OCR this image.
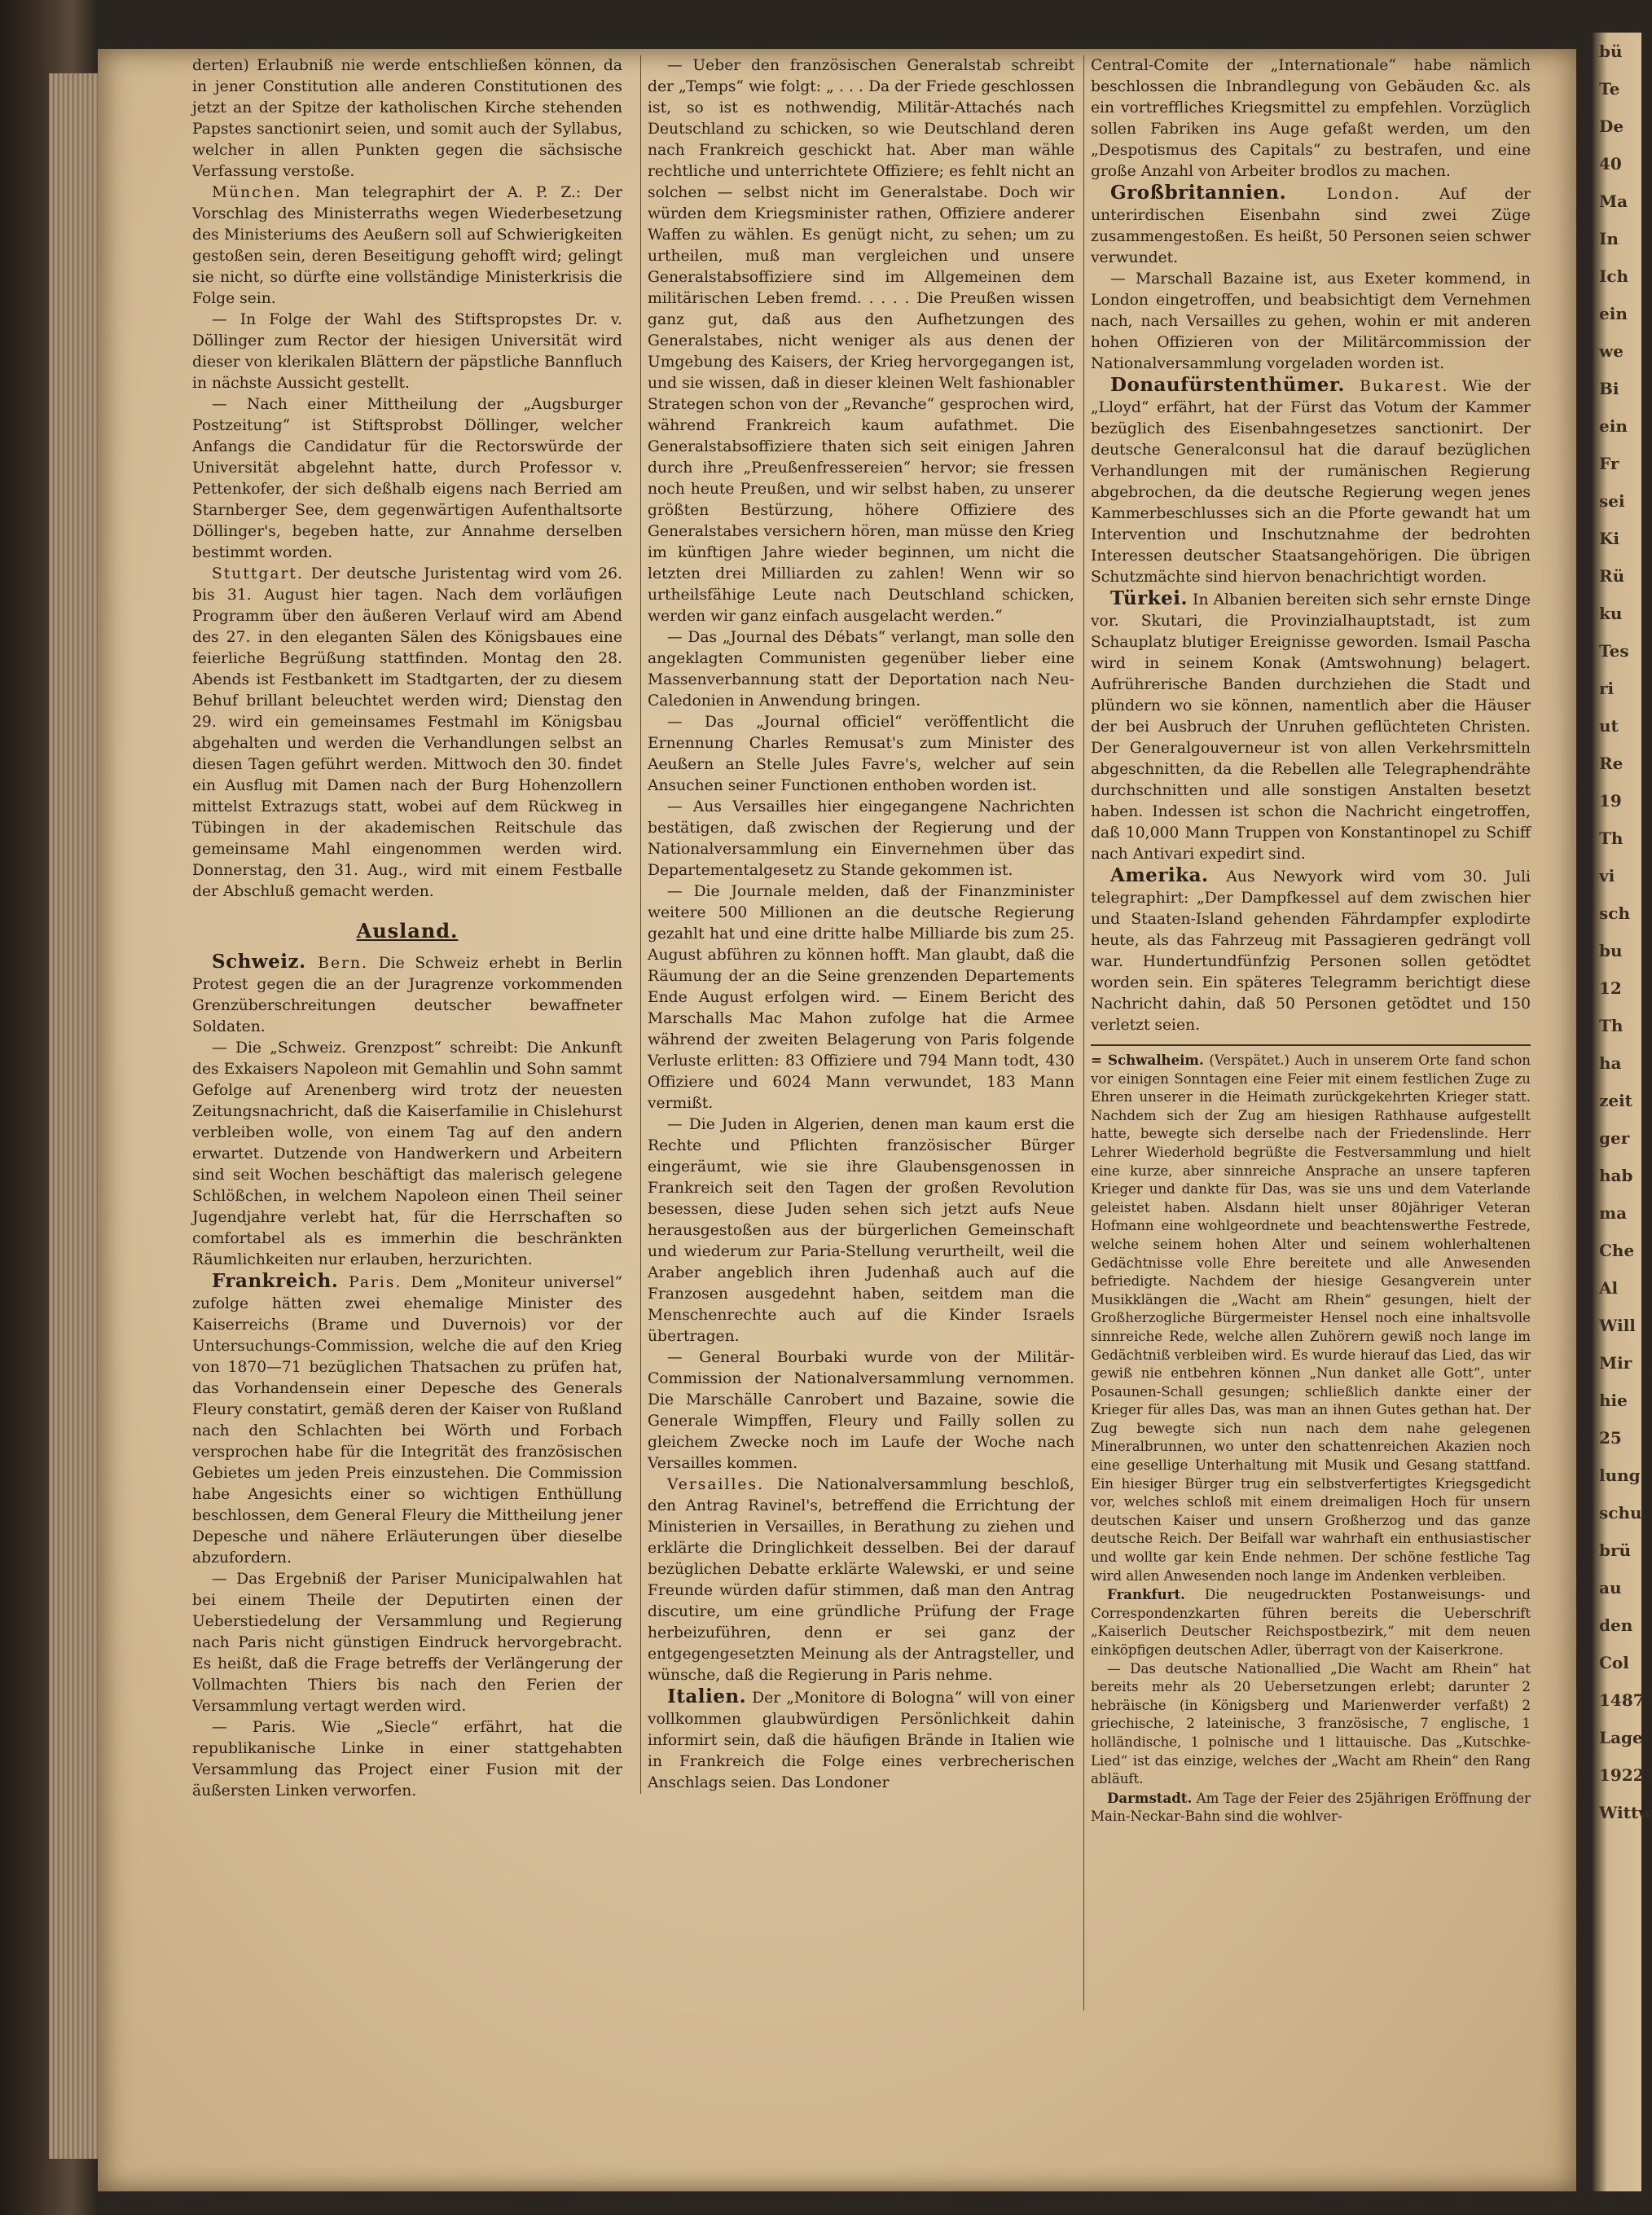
derten) Erlaubniß nie werde entschließen können, da in jener Constitution alle anderen Constitutionen des jetzt an der Spitze der katholischen Kirche stehenden Papstes sanctionirt seien, und somit auch der Syllabus, welcher in allen Punkten gegen die sächsische Verfassung verstoße.

München. Man telegraphirt der A. P. Z.: Der Vorschlag des Ministerraths wegen Wiederbesetzung des Ministeriums des Aeußern soll auf Schwierigkeiten gestoßen sein, deren Beseitigung gehofft wird; gelingt sie nicht, so dürfte eine vollständige Ministerkrisis die Folge sein.

— In Folge der Wahl des Stiftspropstes Dr. v. Döllinger zum Rector der hiesigen Universität wird dieser von klerikalen Blättern der päpstliche Bannfluch in nächste Aussicht gestellt.

— Nach einer Mittheilung der „Augsburger Postzeitung“ ist Stiftsprobst Döllinger, welcher Anfangs die Candidatur für die Rectorswürde der Universität abgelehnt hatte, durch Professor v. Pettenkofer, der sich deßhalb eigens nach Berried am Starnberger See, dem gegenwärtigen Aufenthaltsorte Döllinger's, begeben hatte, zur Annahme derselben bestimmt worden.

Stuttgart. Der deutsche Juristentag wird vom 26. bis 31. August hier tagen. Nach dem vorläufigen Programm über den äußeren Verlauf wird am Abend des 27. in den eleganten Sälen des Königsbaues eine feierliche Begrüßung stattfinden. Montag den 28. Abends ist Festbankett im Stadtgarten, der zu diesem Behuf brillant beleuchtet werden wird; Dienstag den 29. wird ein gemeinsames Festmahl im Königsbau abgehalten und werden die Verhandlungen selbst an diesen Tagen geführt werden. Mittwoch den 30. findet ein Ausflug mit Damen nach der Burg Hohenzollern mittelst Extrazugs statt, wobei auf dem Rückweg in Tübingen in der akademischen Reitschule das gemeinsame Mahl eingenommen werden wird. Donnerstag, den 31. Aug., wird mit einem Festballe der Abschluß gemacht werden.

Ausland.

Schweiz. Bern. Die Schweiz erhebt in Berlin Protest gegen die an der Juragrenze vorkommenden Grenzüberschreitungen deutscher bewaffneter Soldaten.

— Die „Schweiz. Grenzpost“ schreibt: Die Ankunft des Exkaisers Napoleon mit Gemahlin und Sohn sammt Gefolge auf Arenenberg wird trotz der neuesten Zeitungsnachricht, daß die Kaiserfamilie in Chislehurst verbleiben wolle, von einem Tag auf den andern erwartet. Dutzende von Handwerkern und Arbeitern sind seit Wochen beschäftigt das malerisch gelegene Schlößchen, in welchem Napoleon einen Theil seiner Jugendjahre verlebt hat, für die Herrschaften so comfortabel als es immerhin die beschränkten Räumlichkeiten nur erlauben, herzurichten.

Frankreich. Paris. Dem „Moniteur universel“ zufolge hätten zwei ehemalige Minister des Kaiserreichs (Brame und Duvernois) vor der Untersuchungs-Commission, welche die auf den Krieg von 1870—71 bezüglichen Thatsachen zu prüfen hat, das Vorhandensein einer Depesche des Generals Fleury constatirt, gemäß deren der Kaiser von Rußland nach den Schlachten bei Wörth und Forbach versprochen habe für die Integrität des französischen Gebietes um jeden Preis einzustehen. Die Commission habe Angesichts einer so wichtigen Enthüllung beschlossen, dem General Fleury die Mittheilung jener Depesche und nähere Erläuterungen über dieselbe abzufordern.

— Das Ergebniß der Pariser Municipalwahlen hat bei einem Theile der Deputirten einen der Ueberstiedelung der Versammlung und Regierung nach Paris nicht günstigen Eindruck hervorgebracht. Es heißt, daß die Frage betreffs der Verlängerung der Vollmachten Thiers bis nach den Ferien der Versammlung vertagt werden wird.

— Paris. Wie „Siecle“ erfährt, hat die republikanische Linke in einer stattgehabten Versammlung das Project einer Fusion mit der äußersten Linken verworfen.

— Ueber den französischen Generalstab schreibt der „Temps“ wie folgt: „ . . . Da der Friede geschlossen ist, so ist es nothwendig, Militär-Attachés nach Deutschland zu schicken, so wie Deutschland deren nach Frankreich geschickt hat. Aber man wähle rechtliche und unterrichtete Offiziere; es fehlt nicht an solchen — selbst nicht im Generalstabe. Doch wir würden dem Kriegsminister rathen, Offiziere anderer Waffen zu wählen. Es genügt nicht, zu sehen; um zu urtheilen, muß man vergleichen und unsere Generalstabsoffiziere sind im Allgemeinen dem militärischen Leben fremd. . . . . Die Preußen wissen ganz gut, daß aus den Aufhetzungen des Generalstabes, nicht weniger als aus denen der Umgebung des Kaisers, der Krieg hervorgegangen ist, und sie wissen, daß in dieser kleinen Welt fashionabler Strategen schon von der „Revanche“ gesprochen wird, während Frankreich kaum aufathmet. Die Generalstabsoffiziere thaten sich seit einigen Jahren durch ihre „Preußenfressereien“ hervor; sie fressen noch heute Preußen, und wir selbst haben, zu unserer größten Bestürzung, höhere Offiziere des Generalstabes versichern hören, man müsse den Krieg im künftigen Jahre wieder beginnen, um nicht die letzten drei Milliarden zu zahlen! Wenn wir so urtheilsfähige Leute nach Deutschland schicken, werden wir ganz einfach ausgelacht werden.“

— Das „Journal des Débats“ verlangt, man solle den angeklagten Communisten gegenüber lieber eine Massenverbannung statt der Deportation nach Neu-Caledonien in Anwendung bringen.

— Das „Journal officiel“ veröffentlicht die Ernennung Charles Remusat's zum Minister des Aeußern an Stelle Jules Favre's, welcher auf sein Ansuchen seiner Functionen enthoben worden ist.

— Aus Versailles hier eingegangene Nachrichten bestätigen, daß zwischen der Regierung und der Nationalversammlung ein Einvernehmen über das Departementalgesetz zu Stande gekommen ist.

— Die Journale melden, daß der Finanzminister weitere 500 Millionen an die deutsche Regierung gezahlt hat und eine dritte halbe Milliarde bis zum 25. August abführen zu können hofft. Man glaubt, daß die Räumung der an die Seine grenzenden Departements Ende August erfolgen wird. — Einem Bericht des Marschalls Mac Mahon zufolge hat die Armee während der zweiten Belagerung von Paris folgende Verluste erlitten: 83 Offiziere und 794 Mann todt, 430 Offiziere und 6024 Mann verwundet, 183 Mann vermißt.

— Die Juden in Algerien, denen man kaum erst die Rechte und Pflichten französischer Bürger eingeräumt, wie sie ihre Glaubensgenossen in Frankreich seit den Tagen der großen Revolution besessen, diese Juden sehen sich jetzt aufs Neue herausgestoßen aus der bürgerlichen Gemeinschaft und wiederum zur Paria-Stellung verurtheilt, weil die Araber angeblich ihren Judenhaß auch auf die Franzosen ausgedehnt haben, seitdem man die Menschenrechte auch auf die Kinder Israels übertragen.

— General Bourbaki wurde von der Militär-Commission der Nationalversammlung vernommen. Die Marschälle Canrobert und Bazaine, sowie die Generale Wimpffen, Fleury und Failly sollen zu gleichem Zwecke noch im Laufe der Woche nach Versailles kommen.

Versailles. Die Nationalversammlung beschloß, den Antrag Ravinel's, betreffend die Errichtung der Ministerien in Versailles, in Berathung zu ziehen und erklärte die Dringlichkeit desselben. Bei der darauf bezüglichen Debatte erklärte Walewski, er und seine Freunde würden dafür stimmen, daß man den Antrag discutire, um eine gründliche Prüfung der Frage herbeizuführen, denn er sei ganz der entgegengesetzten Meinung als der Antragsteller, und wünsche, daß die Regierung in Paris nehme.

Italien. Der „Monitore di Bologna“ will von einer vollkommen glaubwürdigen Persönlichkeit dahin informirt sein, daß die häufigen Brände in Italien wie in Frankreich die Folge eines verbrecherischen Anschlags seien. Das Londoner

Central-Comite der „Internationale“ habe nämlich beschlossen die Inbrandlegung von Gebäuden &c. als ein vortreffliches Kriegsmittel zu empfehlen. Vorzüglich sollen Fabriken ins Auge gefaßt werden, um den „Despotismus des Capitals“ zu bestrafen, und eine große Anzahl von Arbeiter brodlos zu machen.

Großbritannien. London. Auf der unterirdischen Eisenbahn sind zwei Züge zusammengestoßen. Es heißt, 50 Personen seien schwer verwundet.

— Marschall Bazaine ist, aus Exeter kommend, in London eingetroffen, und beabsichtigt dem Vernehmen nach, nach Versailles zu gehen, wohin er mit anderen hohen Offizieren von der Militärcommission der Nationalversammlung vorgeladen worden ist.

Donaufürstenthümer. Bukarest. Wie der „Lloyd“ erfährt, hat der Fürst das Votum der Kammer bezüglich des Eisenbahngesetzes sanctionirt. Der deutsche Generalconsul hat die darauf bezüglichen Verhandlungen mit der rumänischen Regierung abgebrochen, da die deutsche Regierung wegen jenes Kammerbeschlusses sich an die Pforte gewandt hat um Intervention und Inschutznahme der bedrohten Interessen deutscher Staatsangehörigen. Die übrigen Schutzmächte sind hiervon benachrichtigt worden.

Türkei. In Albanien bereiten sich sehr ernste Dinge vor. Skutari, die Provinzialhauptstadt, ist zum Schauplatz blutiger Ereignisse geworden. Ismail Pascha wird in seinem Konak (Amtswohnung) belagert. Aufrührerische Banden durchziehen die Stadt und plündern wo sie können, namentlich aber die Häuser der bei Ausbruch der Unruhen geflüchteten Christen. Der Generalgouverneur ist von allen Verkehrsmitteln abgeschnitten, da die Rebellen alle Telegraphendrähte durchschnitten und alle sonstigen Anstalten besetzt haben. Indessen ist schon die Nachricht eingetroffen, daß 10,000 Mann Truppen von Konstantinopel zu Schiff nach Antivari expedirt sind.

Amerika. Aus Newyork wird vom 30. Juli telegraphirt: „Der Dampfkessel auf dem zwischen hier und Staaten-Island gehenden Fährdampfer explodirte heute, als das Fahrzeug mit Passagieren gedrängt voll war. Hundertundfünfzig Personen sollen getödtet worden sein. Ein späteres Telegramm berichtigt diese Nachricht dahin, daß 50 Personen getödtet und 150 verletzt seien.

= Schwalheim. (Verspätet.) Auch in unserem Orte fand schon vor einigen Sonntagen eine Feier mit einem festlichen Zuge zu Ehren unserer in die Heimath zurückgekehrten Krieger statt. Nachdem sich der Zug am hiesigen Rathhause aufgestellt hatte, bewegte sich derselbe nach der Friedenslinde. Herr Lehrer Wiederhold begrüßte die Festversammlung und hielt eine kurze, aber sinnreiche Ansprache an unsere tapferen Krieger und dankte für Das, was sie uns und dem Vaterlande geleistet haben. Alsdann hielt unser 80jähriger Veteran Hofmann eine wohlgeordnete und beachtenswerthe Festrede, welche seinem hohen Alter und seinem wohlerhaltenen Gedächtnisse volle Ehre bereitete und alle Anwesenden befriedigte. Nachdem der hiesige Gesangverein unter Musikklängen die „Wacht am Rhein“ gesungen, hielt der Großherzogliche Bürgermeister Hensel noch eine inhaltsvolle sinnreiche Rede, welche allen Zuhörern gewiß noch lange im Gedächtniß verbleiben wird. Es wurde hierauf das Lied, das wir gewiß nie entbehren können „Nun danket alle Gott“, unter Posaunen-Schall gesungen; schließlich dankte einer der Krieger für alles Das, was man an ihnen Gutes gethan hat. Der Zug bewegte sich nun nach dem nahe gelegenen Mineralbrunnen, wo unter den schattenreichen Akazien noch eine gesellige Unterhaltung mit Musik und Gesang stattfand. Ein hiesiger Bürger trug ein selbstverfertigtes Kriegsgedicht vor, welches schloß mit einem dreimaligen Hoch für unsern deutschen Kaiser und unsern Großherzog und das ganze deutsche Reich. Der Beifall war wahrhaft ein enthusiastischer und wollte gar kein Ende nehmen. Der schöne festliche Tag wird allen Anwesenden noch lange im Andenken verbleiben.

Frankfurt. Die neugedruckten Postanweisungs- und Correspondenzkarten führen bereits die Ueberschrift „Kaiserlich Deutscher Reichspostbezirk,“ mit dem neuen einköpfigen deutschen Adler, überragt von der Kaiserkrone.

— Das deutsche Nationallied „Die Wacht am Rhein“ hat bereits mehr als 20 Uebersetzungen erlebt; darunter 2 hebräische (in Königsberg und Marienwerder verfaßt) 2 griechische, 2 lateinische, 3 französische, 7 englische, 1 holländische, 1 polnische und 1 littauische. Das „Kutschke-Lied“ ist das einzige, welches der „Wacht am Rhein“ den Rang abläuft.

Darmstadt. Am Tage der Feier des 25jährigen Eröffnung der Main-Neckar-Bahn sind die wohlver-

bü
Te
De
40
Ma
In
Ich
ein
we
Bi
ein
Fr
sei
Ki
Rü
ku
Tes
ri
ut
Re
19
Th
vi
sch
bu
12
Th
ha
zeit
ger
hab
ma
Che
Al
Will
Mir
hie
25
lung
schu
brü
au
den
Col
1487
Lage
1922
Wittw
